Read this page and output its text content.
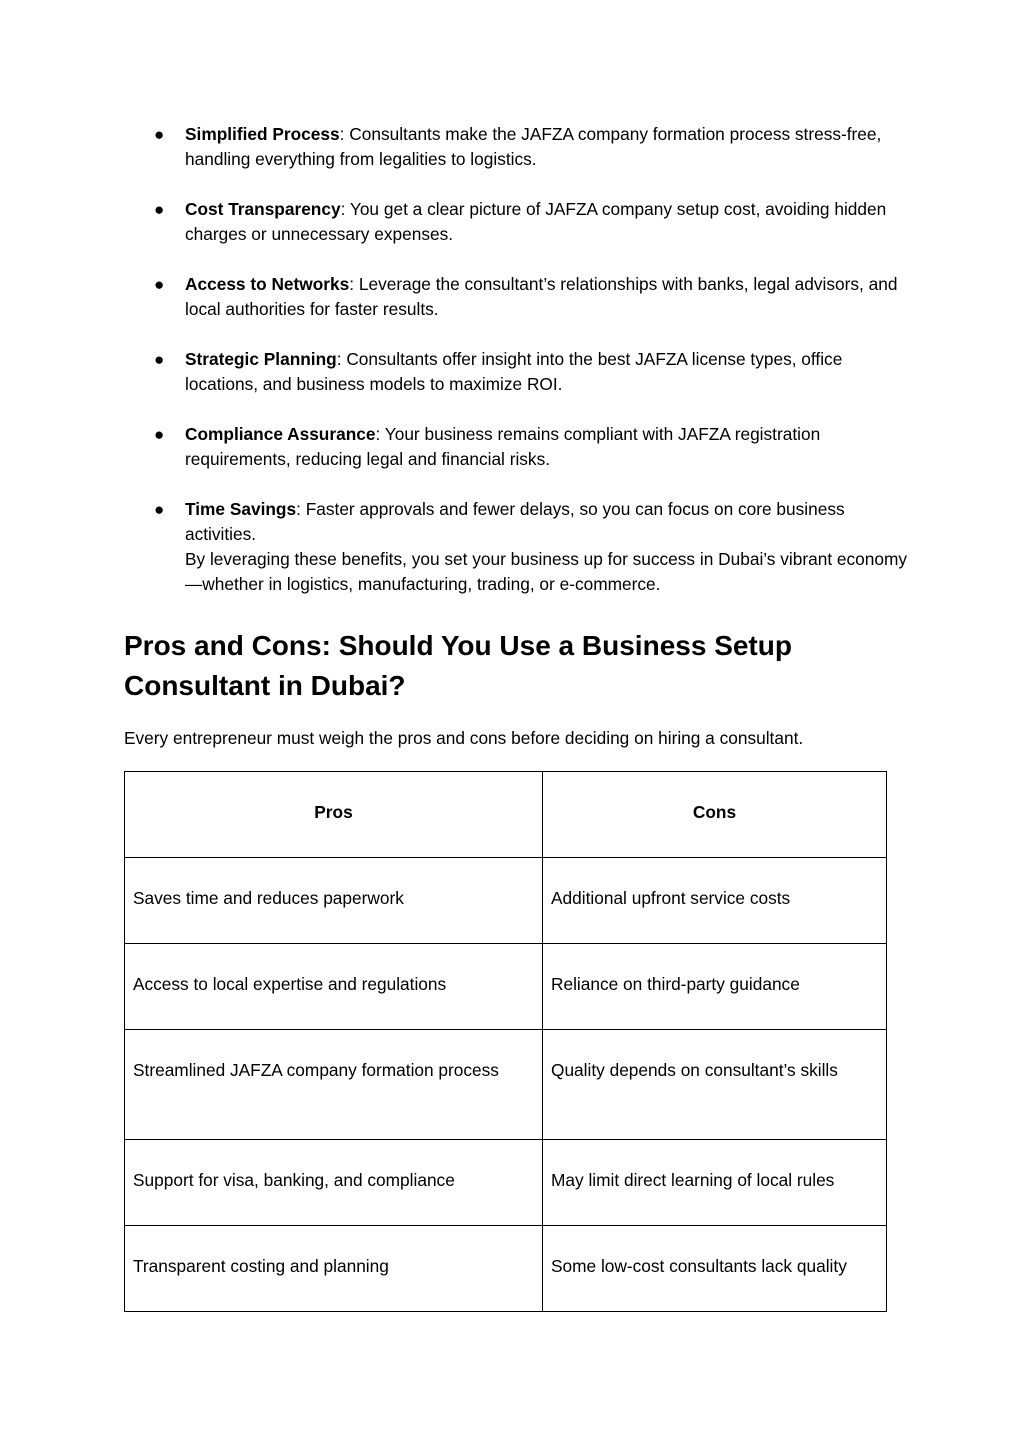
● Simplified Process: Consultants make the JAFZA company formation process stress-free, handling everything from legalities to logistics.
● Cost Transparency: You get a clear picture of JAFZA company setup cost, avoiding hidden charges or unnecessary expenses.
● Access to Networks: Leverage the consultant’s relationships with banks, legal advisors, and local authorities for faster results.
● Strategic Planning: Consultants offer insight into the best JAFZA license types, office locations, and business models to maximize ROI.
● Compliance Assurance: Your business remains compliant with JAFZA registration requirements, reducing legal and financial risks.
● Time Savings: Faster approvals and fewer delays, so you can focus on core business activities.
By leveraging these benefits, you set your business up for success in Dubai’s vibrant economy—whether in logistics, manufacturing, trading, or e-commerce.
Pros and Cons: Should You Use a Business Setup Consultant in Dubai?

Every entrepreneur must weigh the pros and cons before deciding on hiring a consultant.

Pros	Cons
Saves time and reduces paperwork	Additional upfront service costs
Access to local expertise and regulations	Reliance on third-party guidance
Streamlined JAFZA company formation process	Quality depends on consultant’s skills
Support for visa, banking, and compliance	May limit direct learning of local rules
Transparent costing and planning	Some low-cost consultants lack quality
